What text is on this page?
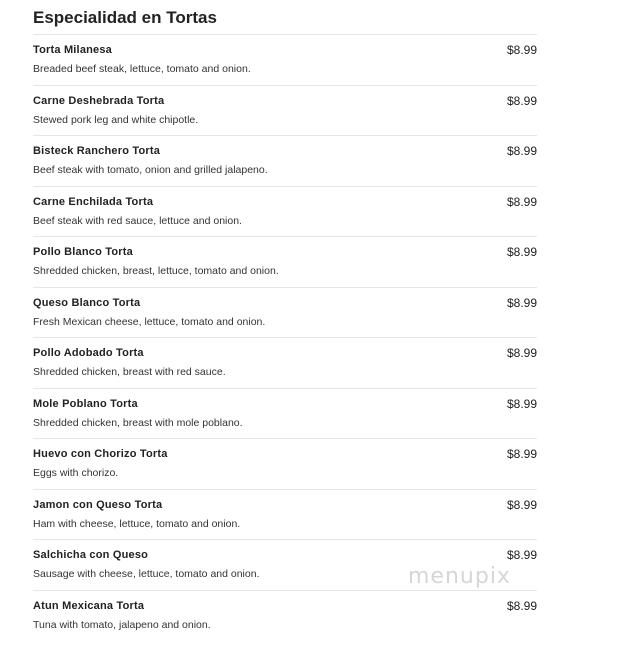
Especialidad en Tortas
Torta Milanesa
Breaded beef steak, lettuce, tomato and onion.
$8.99
Carne Deshebrada Torta
Stewed pork leg and white chipotle.
$8.99
Bisteck Ranchero Torta
Beef steak with tomato, onion and grilled jalapeno.
$8.99
Carne Enchilada Torta
Beef steak with red sauce, lettuce and onion.
$8.99
Pollo Blanco Torta
Shredded chicken, breast, lettuce, tomato and onion.
$8.99
Queso Blanco Torta
Fresh Mexican cheese, lettuce, tomato and onion.
$8.99
Pollo Adobado Torta
Shredded chicken, breast with red sauce.
$8.99
Mole Poblano Torta
Shredded chicken, breast with mole poblano.
$8.99
Huevo con Chorizo Torta
Eggs with chorizo.
$8.99
Jamon con Queso Torta
Ham with cheese, lettuce, tomato and onion.
$8.99
Salchicha con Queso
Sausage with cheese, lettuce, tomato and onion.
$8.99
Atun Mexicana Torta
Tuna with tomato, jalapeno and onion.
$8.99
menupix
